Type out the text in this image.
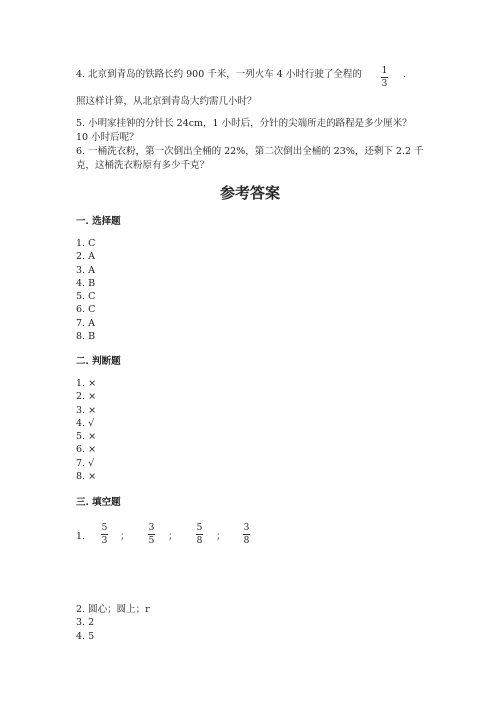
4. 北京到青岛的铁路长约 900 千米，一列火车 4 小时行驶了全程的 1
3
．
照这样计算，从北京到青岛大约需几小时？
5. 小明家挂钟的分针长 24cm，1 小时后，分针的尖端所走的路程是多少厘米？
10 小时后呢？
6. 一桶洗衣粉，第一次倒出全桶的 22%，第二次倒出全桶的 23%，还剩下 2.2 千
克，这桶洗衣粉原有多少千克？
参考答案
一. 选择题
1. C
2. A
3. A
4. B
5. C
6. C
7. A
8. B
二. 判断题
1. ×
2. ×
3. ×
4. √
5. ×
6. ×
7. √
8. ×
三. 填空题
1.
5
3 ；
3
5 ；
5
8 ；
3
8
2. 圆心；圆上；r
3. 2
4. 5
